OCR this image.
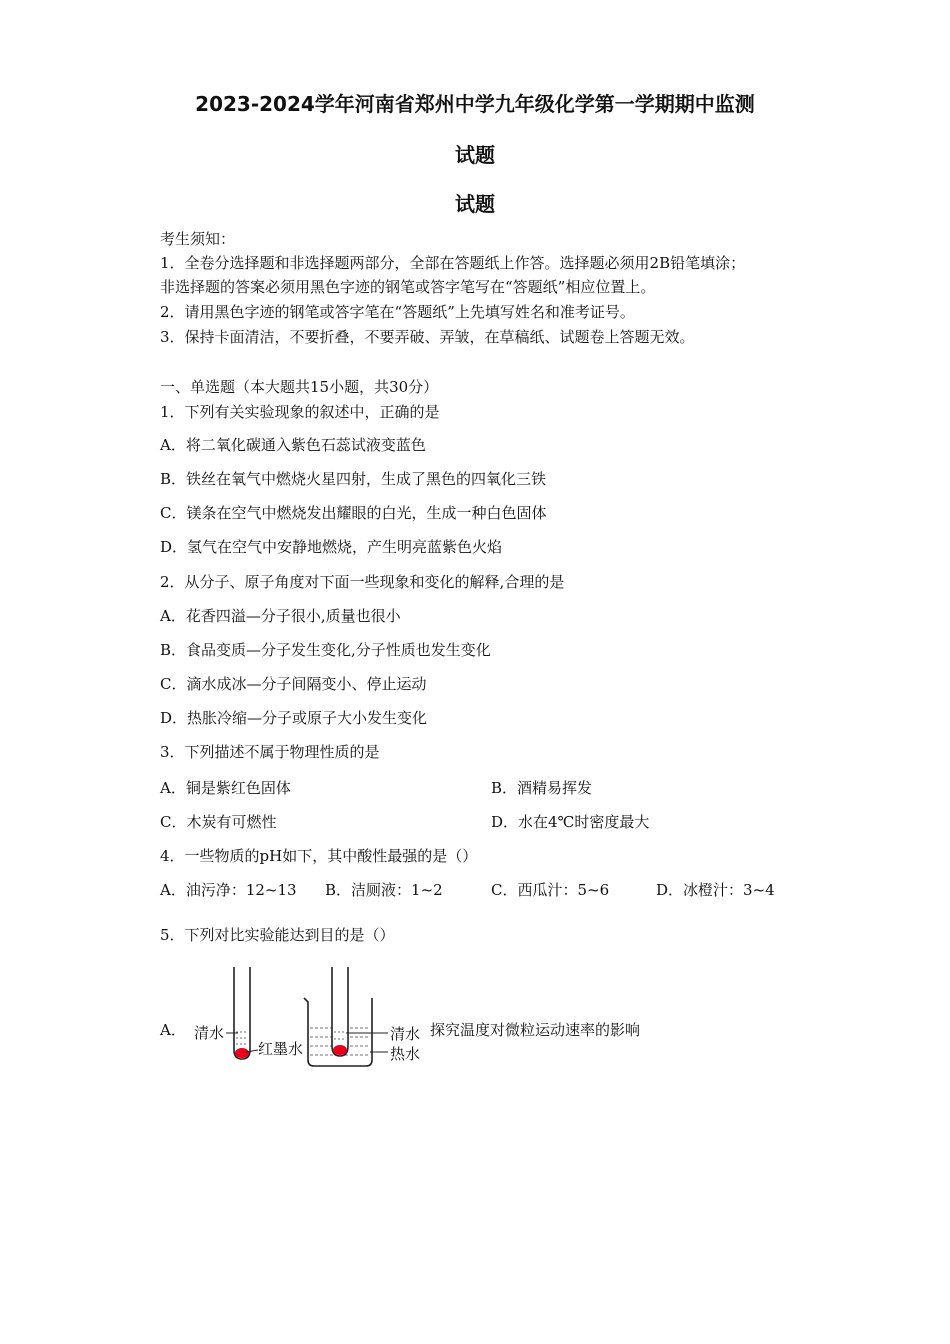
2023-2024学年河南省郑州中学九年级化学第一学期期中监测
试题
试题
考生须知：
1．全卷分选择题和非选择题两部分，全部在答题纸上作答。选择题必须用2B铅笔填涂；
非选择题的答案必须用黑色字迹的钢笔或答字笔写在“答题纸”相应位置上。
2．请用黑色字迹的钢笔或答字笔在“答题纸”上先填写姓名和准考证号。
3．保持卡面清洁，不要折叠，不要弄破、弄皱，在草稿纸、试题卷上答题无效。
一、单选题（本大题共15小题，共30分）
1．下列有关实验现象的叙述中，正确的是
A．将二氧化碳通入紫色石蕊试液变蓝色
B．铁丝在氧气中燃烧火星四射，生成了黑色的四氧化三铁
C．镁条在空气中燃烧发出耀眼的白光，生成一种白色固体
D．氢气在空气中安静地燃烧，产生明亮蓝紫色火焰
2．从分子、原子角度对下面一些现象和变化的解释,合理的是
A．花香四溢—分子很小,质量也很小
B．食品变质—分子发生变化,分子性质也发生变化
C．滴水成冰—分子间隔变小、停止运动
D．热胀冷缩—分子或原子大小发生变化
3．下列描述不属于物理性质的是
A．铜是紫红色固体	B．酒精易挥发
C．木炭有可燃性	D．水在4℃时密度最大
4．一些物质的pH如下，其中酸性最强的是（）
A．油污净：12~13 B．洁厕液：1~2	C．西瓜汁：5~6	D．冰橙汁：3~4
5．下列对比实验能达到目的是（）
A．	探究温度对微粒运动速率的影响
清水
红墨水
清水
热水
